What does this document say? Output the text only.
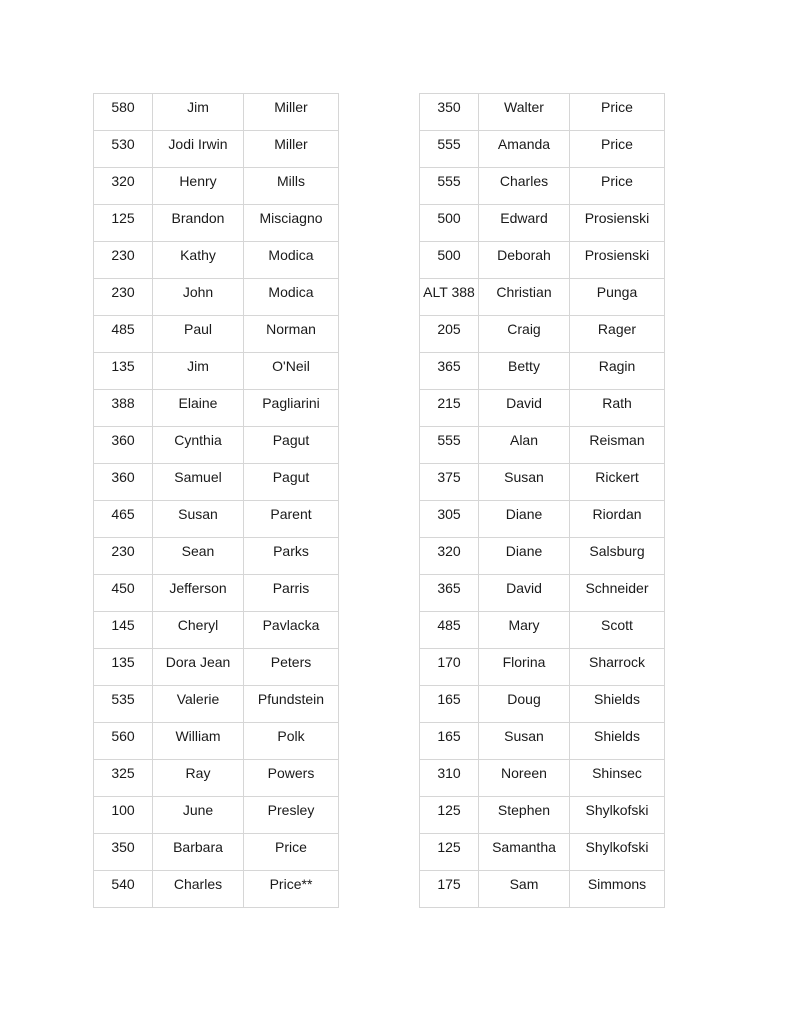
580	Jim	Miller

530	Jodi Irwin	Miller

320	Henry	Mills

125	Brandon	Misciagno

230	Kathy	Modica

230	John	Modica

485	Paul	Norman

135	Jim	O'Neil

388	Elaine	Pagliarini

360	Cynthia	Pagut

360	Samuel	Pagut

465	Susan	Parent

230	Sean	Parks

450	Jefferson	Parris

145	Cheryl	Pavlacka

135	Dora Jean	Peters

535	Valerie	Pfundstein

560	William	Polk

325	Ray	Powers

100	June	Presley

350	Barbara	Price

540	Charles	Price**
350	Walter	Price

555	Amanda	Price

555	Charles	Price

500	Edward	Prosienski

500	Deborah	Prosienski

ALT 388	Christian	Punga

205	Craig	Rager

365	Betty	Ragin

215	David	Rath

555	Alan	Reisman

375	Susan	Rickert

305	Diane	Riordan

320	Diane	Salsburg

365	David	Schneider

485	Mary	Scott

170	Florina	Sharrock

165	Doug	Shields

165	Susan	Shields

310	Noreen	Shinsec

125	Stephen	Shylkofski

125	Samantha	Shylkofski

175	Sam	Simmons
